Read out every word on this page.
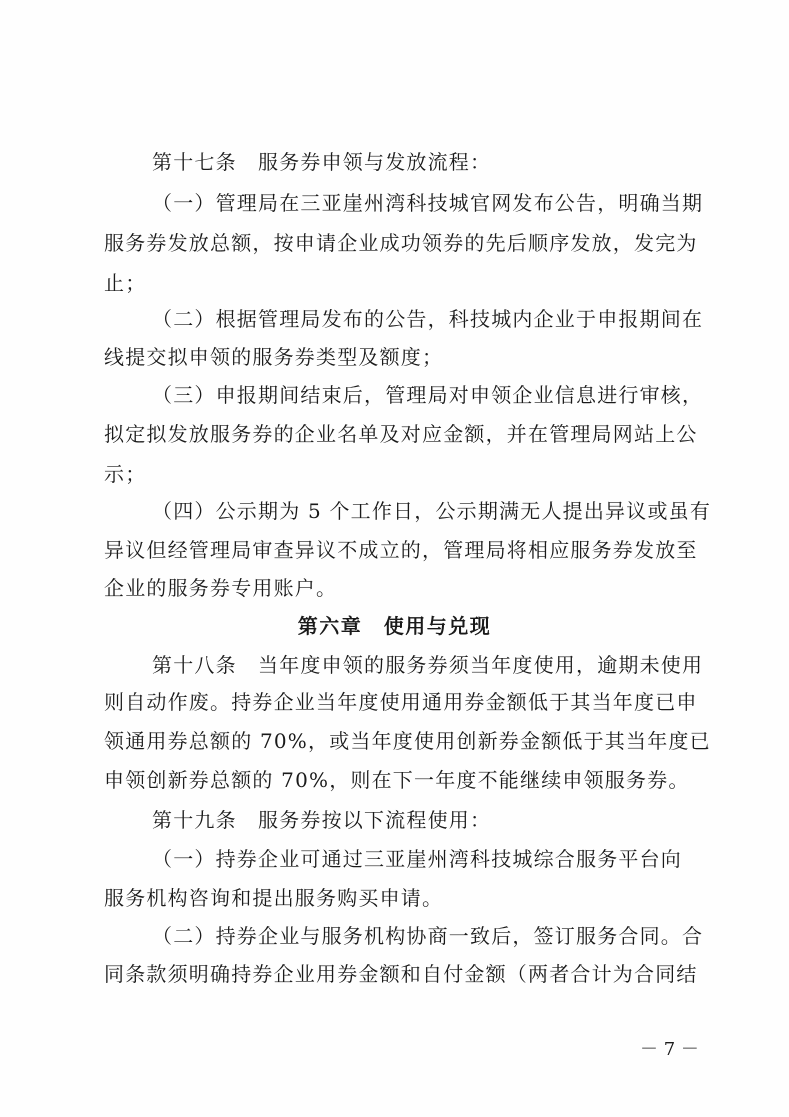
第十七条　服务券申领与发放流程：
（一）管理局在三亚崖州湾科技城官网发布公告，明确当期
服务券发放总额，按申请企业成功领券的先后顺序发放，发完为
止；
（二）根据管理局发布的公告，科技城内企业于申报期间在
线提交拟申领的服务券类型及额度；
（三）申报期间结束后，管理局对申领企业信息进行审核，
拟定拟发放服务券的企业名单及对应金额，并在管理局网站上公
示；
（四）公示期为 5 个工作日，公示期满无人提出异议或虽有
异议但经管理局审查异议不成立的，管理局将相应服务券发放至
企业的服务券专用账户。
第六章　使用与兑现
第十八条　当年度申领的服务券须当年度使用，逾期未使用
则自动作废。持券企业当年度使用通用券金额低于其当年度已申
领通用券总额的 70%，或当年度使用创新券金额低于其当年度已
申领创新券总额的 70%，则在下一年度不能继续申领服务券。
第十九条　服务券按以下流程使用：
（一）持券企业可通过三亚崖州湾科技城综合服务平台向
服务机构咨询和提出服务购买申请。
（二）持券企业与服务机构协商一致后，签订服务合同。合
同条款须明确持券企业用券金额和自付金额（两者合计为合同结
－ 7 －
